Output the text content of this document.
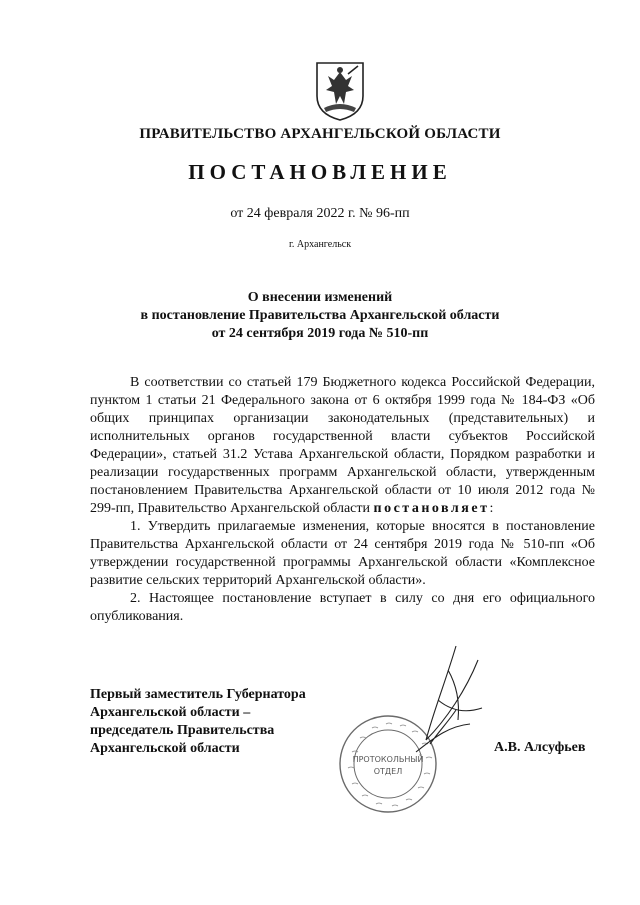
ПРАВИТЕЛЬСТВО АРХАНГЕЛЬСКОЙ ОБЛАСТИ
ПОСТАНОВЛЕНИЕ
от 24 февраля 2022 г. № 96-пп
г. Архангельск
О внесении изменений
в постановление Правительства Архангельской области
от 24 сентября 2019 года № 510-пп

В соответствии со статьей 179 Бюджетного кодекса Российской Федерации, пунктом 1 статьи 21 Федерального закона от 6 октября 1999 года № 184-ФЗ «Об общих принципах организации законодательных (представительных) и исполнительных органов государственной власти субъектов Российской Федерации», статьей 31.2 Устава Архангельской области, Порядком разработки и реализации государственных программ Архангельской области, утвержденным постановлением Правительства Архангельской области от 10 июля 2012 года № 299-пп, Правительство Архангельской области постановляет:

1. Утвердить прилагаемые изменения, которые вносятся в постановление Правительства Архангельской области от 24 сентября 2019 года № 510-пп «Об утверждении государственной программы Архангельской области «Комплексное развитие сельских территорий Архангельской области».

2. Настоящее постановление вступает в силу со дня его официального опубликования.

Первый заместитель Губернатора
Архангельской области –
председатель Правительства
Архангельской области
ПРОТОКОЛЬНЫЙ
ОТДЕЛ
А.В. Алсуфьев
